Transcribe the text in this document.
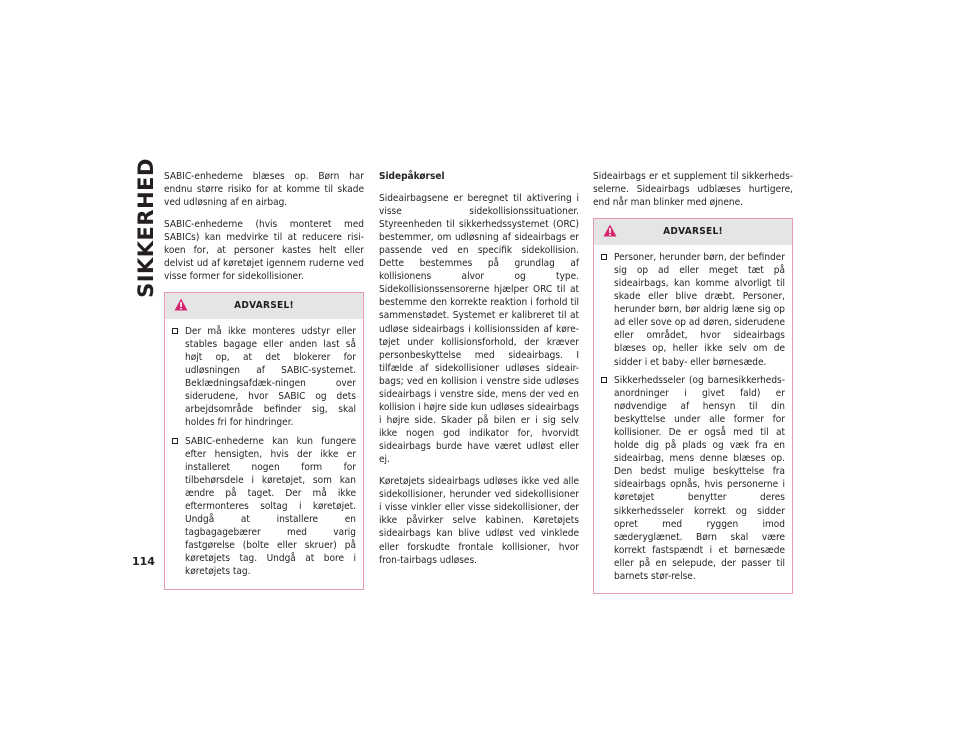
SIKKERHED
114

SABIC-enhederne blæses op. Børn har endnu større risiko for at komme til skade ved udløsning af en airbag.

SABIC-enhederne (hvis monteret med SABICs) kan medvirke til at reducere risi-koen for, at personer kastes helt eller delvist ud af køretøjet igennem ruderne ved visse former for sidekollisioner.

ADVARSEL!
Der må ikke monteres udstyr eller stables bagage eller anden last så højt op, at det blokerer for udløsningen af SABIC-systemet. Beklædningsafdæk-ningen over siderudene, hvor SABIC og dets arbejdsområde befinder sig, skal holdes fri for hindringer.
SABIC-enhederne kan kun fungere efter hensigten, hvis der ikke er installeret nogen form for tilbehørsdele i køretøjet, som kan ændre på taget. Der må ikke eftermonteres soltag i køretøjet. Undgå at installere en tagbagagebærer med varig fastgørelse (bolte eller skruer) på køretøjets tag. Undgå at bore i køretøjets tag.
Sidepåkørsel

Sideairbagsene er beregnet til aktivering i visse sidekollisionssituationer. Styreenheden til sikkerhedssystemet (ORC) bestemmer, om udløsning af sideairbags er passende ved en specifik sidekollision. Dette bestemmes på grundlag af kollisionens alvor og type. Sidekollisionssensorerne hjælper ORC til at bestemme den korrekte reaktion i forhold til sammenstødet. Systemet er kalibreret til at udløse sideairbags i kollisionssiden af køre-tøjet under kollisionsforhold, der kræver personbeskyttelse med sideairbags. I tilfælde af sidekollisioner udløses sideair-bags; ved en kollision i venstre side udløses sideairbags i venstre side, mens der ved en kollision i højre side kun udløses sideairbags i højre side. Skader på bilen er i sig selv ikke nogen god indikator for, hvorvidt sideairbags burde have været udløst eller ej.

Køretøjets sideairbags udløses ikke ved alle sidekollisioner, herunder ved sidekollisioner i visse vinkler eller visse sidekollisioner, der ikke påvirker selve kabinen. Køretøjets sideairbags kan blive udløst ved vinklede eller forskudte frontale kollisioner, hvor fron-tairbags udløses.

Sideairbags er et supplement til sikkerheds-selerne. Sideairbags udblæses hurtigere, end når man blinker med øjnene.

ADVARSEL!
Personer, herunder børn, der befinder sig op ad eller meget tæt på sideairbags, kan komme alvorligt til skade eller blive dræbt. Personer, herunder børn, bør aldrig læne sig op ad eller sove op ad døren, siderudene eller området, hvor sideairbags blæses op, heller ikke selv om de sidder i et baby- eller børnesæde.
Sikkerhedsseler (og barnesikkerheds-anordninger i givet fald) er nødvendige af hensyn til din beskyttelse under alle former for kollisioner. De er også med til at holde dig på plads og væk fra en sideairbag, mens denne blæses op. Den bedst mulige beskyttelse fra sideairbags opnås, hvis personerne i køretøjet benytter deres sikkerhedsseler korrekt og sidder opret med ryggen imod sæderyglænet. Børn skal være korrekt fastspændt i et børnesæde eller på en selepude, der passer til barnets stør-relse.
